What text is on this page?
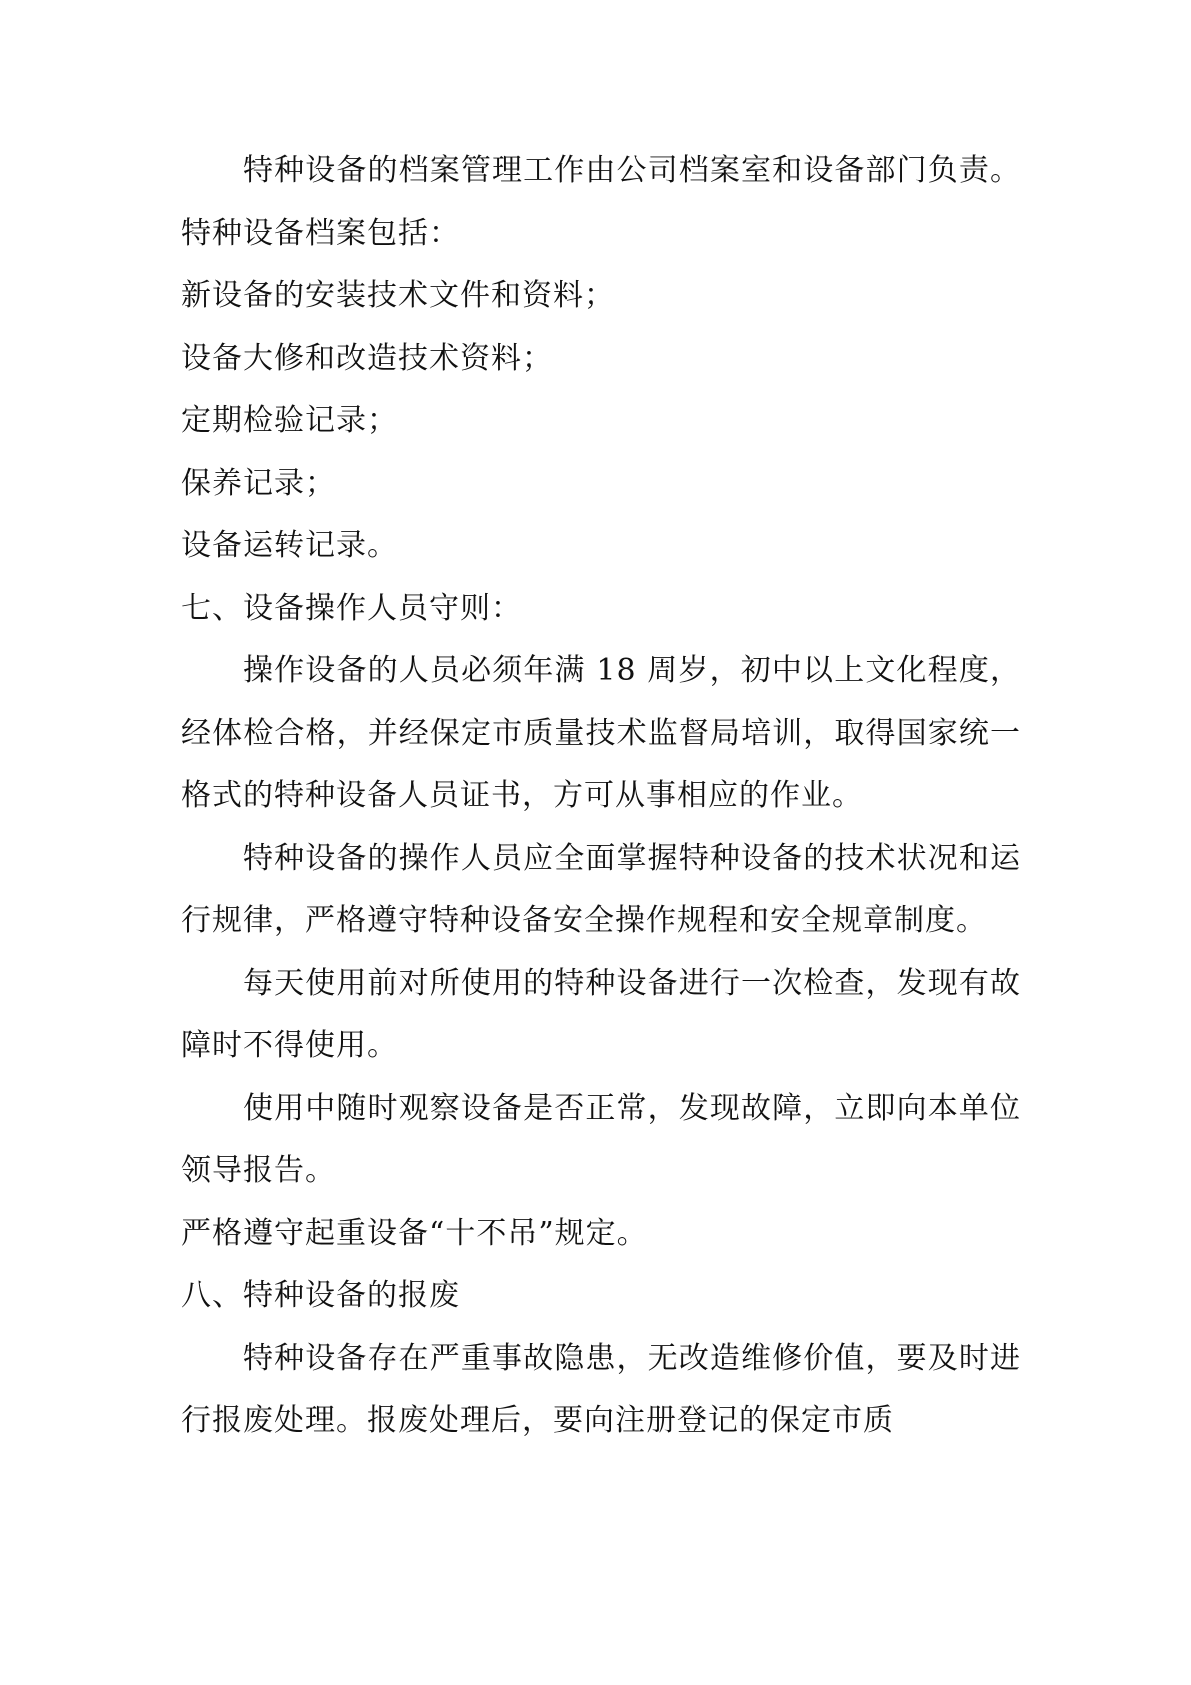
特种设备的档案管理工作由公司档案室和设备部门负责。特种设备档案包括：

新设备的安装技术文件和资料；

设备大修和改造技术资料；

定期检验记录；

保养记录；

设备运转记录。

七、设备操作人员守则：

操作设备的人员必须年满 18 周岁，初中以上文化程度，经体检合格，并经保定市质量技术监督局培训，取得国家统一格式的特种设备人员证书，方可从事相应的作业。

特种设备的操作人员应全面掌握特种设备的技术状况和运行规律，严格遵守特种设备安全操作规程和安全规章制度。

每天使用前对所使用的特种设备进行一次检查，发现有故障时不得使用。

使用中随时观察设备是否正常，发现故障，立即向本单位领导报告。

严格遵守起重设备“十不吊”规定。

八、特种设备的报废

特种设备存在严重事故隐患，无改造维修价值，要及时进行报废处理。报废处理后，要向注册登记的保定市质
